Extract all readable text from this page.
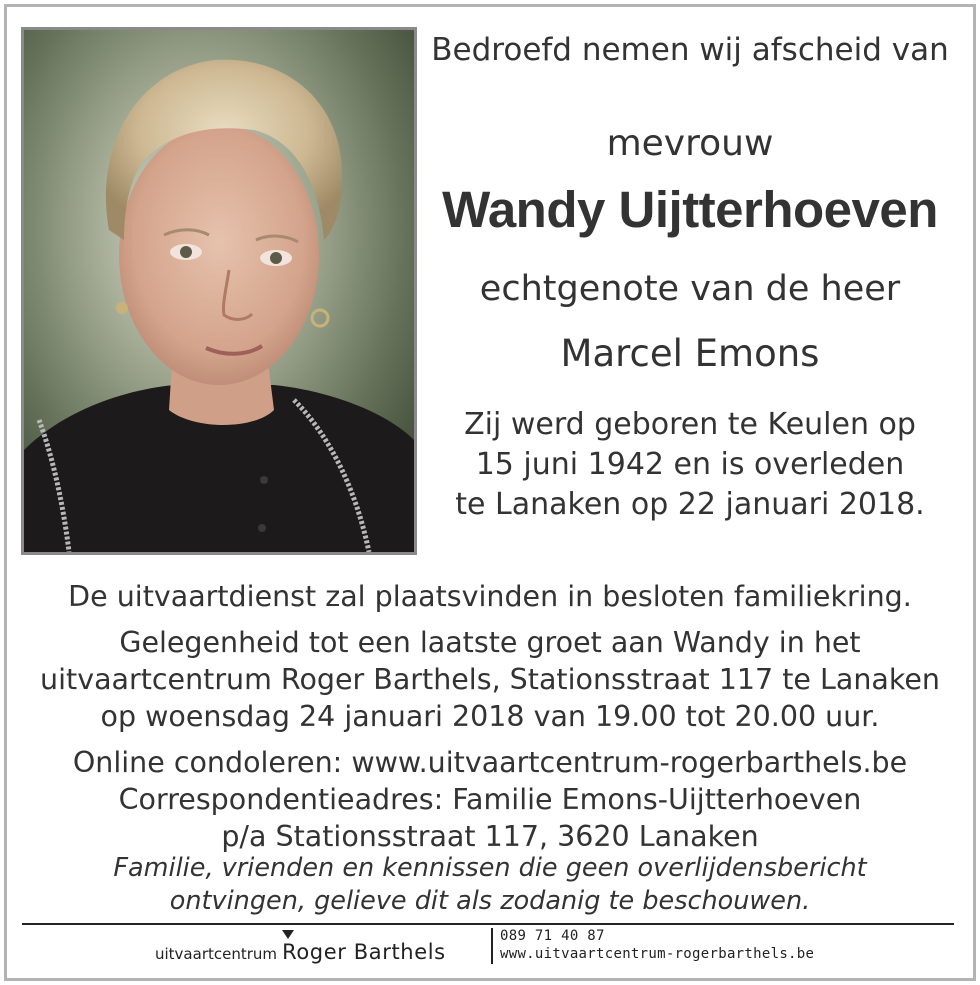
Bedroefd nemen wij afscheid van

mevrouw

Wandy Uijtterhoeven

echtgenote van de heer

Marcel Emons

Zij werd geboren te Keulen op

15 juni 1942 en is overleden

te Lanaken op 22 januari 2018.

De uitvaartdienst zal plaatsvinden in besloten familiekring.

Gelegenheid tot een laatste groet aan Wandy in het

uitvaartcentrum Roger Barthels, Stationsstraat 117 te Lanaken

op woensdag 24 januari 2018 van 19.00 tot 20.00 uur.

Online condoleren: www.uitvaartcentrum-rogerbarthels.be

Correspondentieadres: Familie Emons-Uijtterhoeven

p/a Stationsstraat 117, 3620 Lanaken

Familie, vrienden en kennissen die geen overlijdensbericht

ontvingen, gelieve dit als zodanig te beschouwen.

uitvaartcentrum Roger Barthels
089 71 40 87
www.uitvaartcentrum-rogerbarthels.be
